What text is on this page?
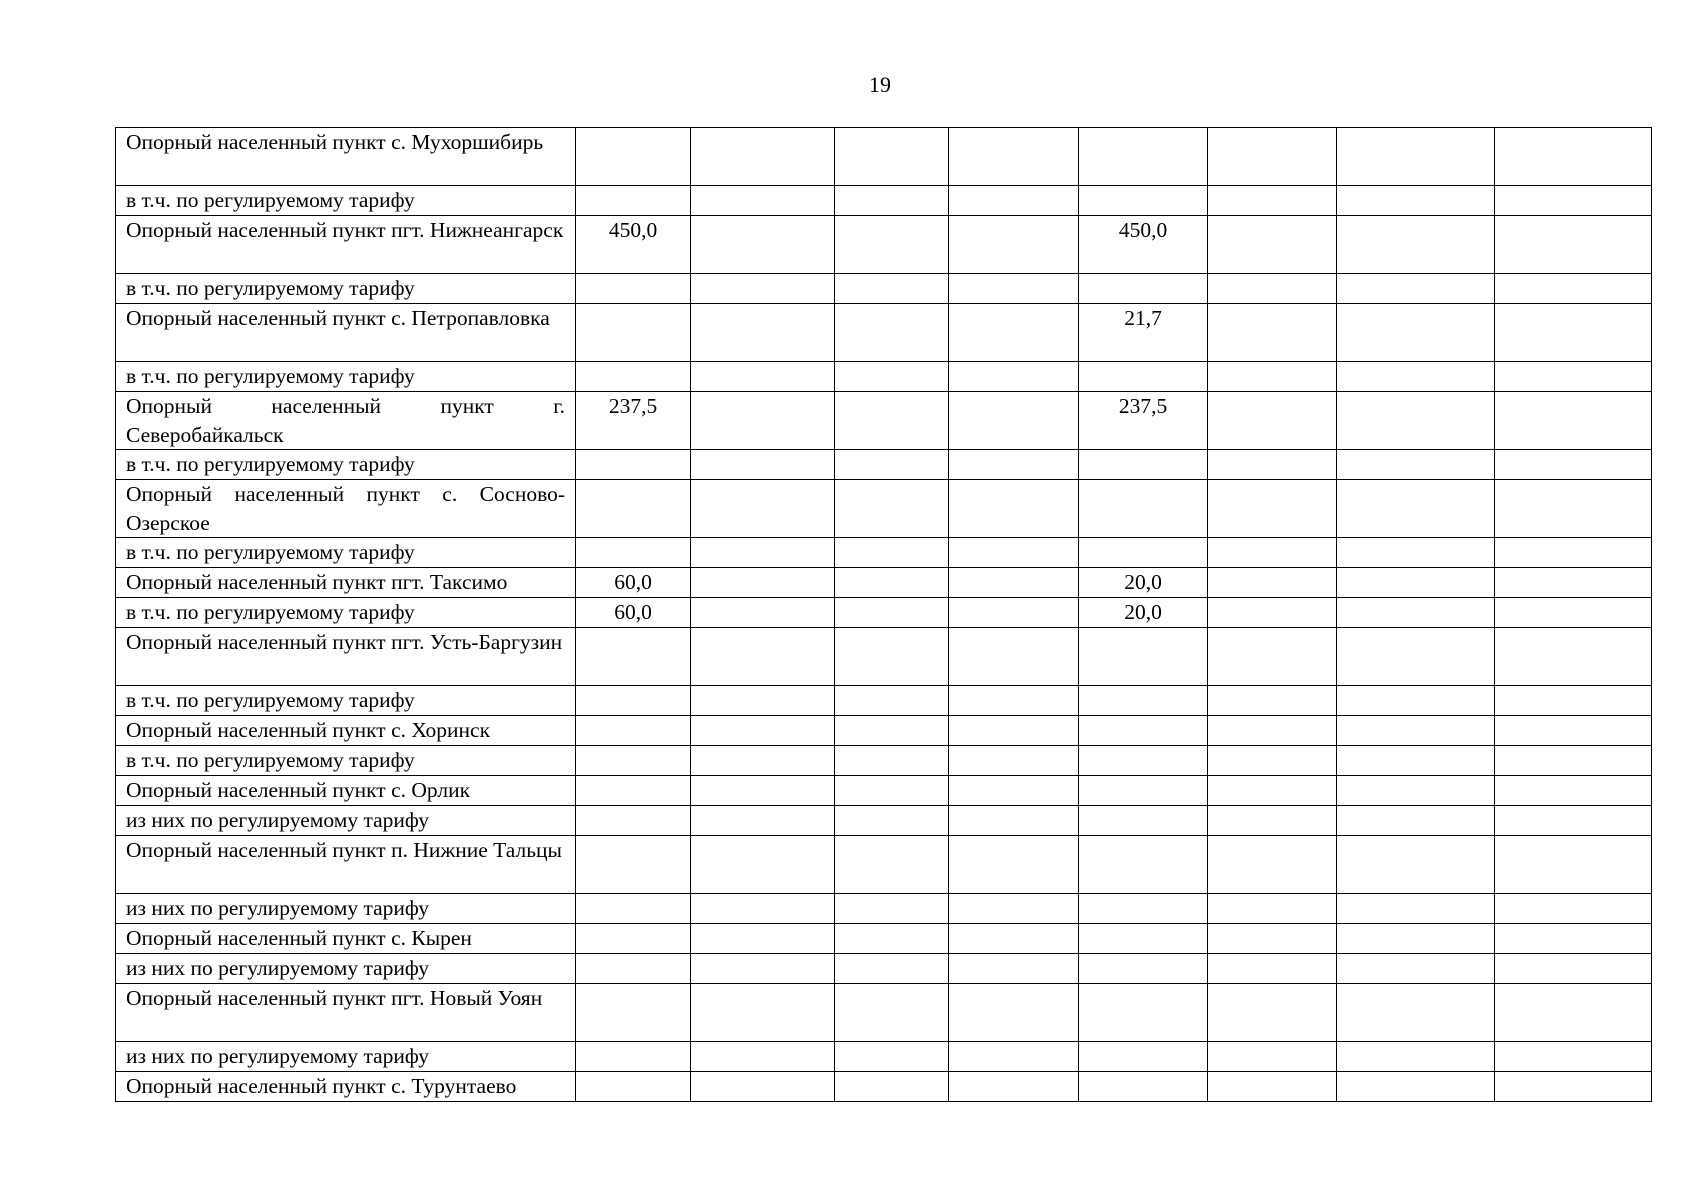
19
Опорный населенный пункт с. Мухоршибирь								
в т.ч. по регулируемому тарифу								
Опорный населенный пункт пгт. Нижнеангарск	450,0				450,0			
в т.ч. по регулируемому тарифу								
Опорный населенный пункт с. Петропавловка					21,7			
в т.ч. по регулируемому тарифу								
Опорный населенный пункт г. Северобайкальск	237,5				237,5			
в т.ч. по регулируемому тарифу								
Опорный населенный пункт с. Сосново-Озерское								
в т.ч. по регулируемому тарифу								
Опорный населенный пункт пгт. Таксимо	60,0				20,0			
в т.ч. по регулируемому тарифу	60,0				20,0			
Опорный населенный пункт пгт. Усть-Баргузин								
в т.ч. по регулируемому тарифу								
Опорный населенный пункт с. Хоринск								
в т.ч. по регулируемому тарифу								
Опорный населенный пункт с. Орлик								
из них по регулируемому тарифу								
Опорный населенный пункт п. Нижние Тальцы								
из них по регулируемому тарифу								
Опорный населенный пункт с. Кырен								
из них по регулируемому тарифу								
Опорный населенный пункт пгт. Новый Уоян								
из них по регулируемому тарифу								
Опорный населенный пункт с. Турунтаево								
